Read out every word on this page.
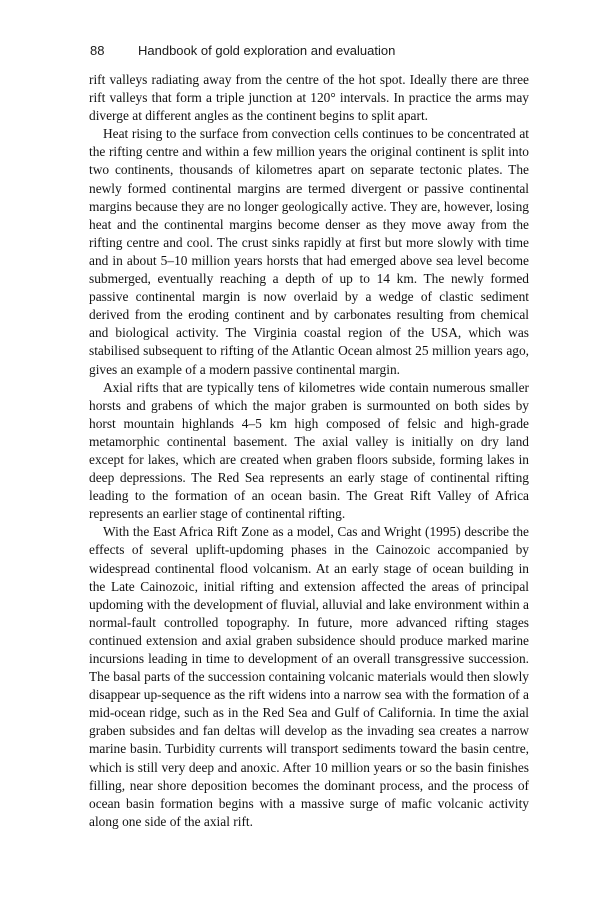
88	Handbook of gold exploration and evaluation

rift valleys radiating away from the centre of the hot spot. Ideally there are three rift valleys that form a triple junction at 120° intervals. In practice the arms may diverge at different angles as the continent begins to split apart.

Heat rising to the surface from convection cells continues to be concentrated at the rifting centre and within a few million years the original continent is split into two continents, thousands of kilometres apart on separate tectonic plates. The newly formed continental margins are termed divergent or passive continental margins because they are no longer geologically active. They are, however, losing heat and the continental margins become denser as they move away from the rifting centre and cool. The crust sinks rapidly at first but more slowly with time and in about 5–10 million years horsts that had emerged above sea level become submerged, eventually reaching a depth of up to 14 km. The newly formed passive continental margin is now overlaid by a wedge of clastic sediment derived from the eroding continent and by carbonates resulting from chemical and biological activity. The Virginia coastal region of the USA, which was stabilised subsequent to rifting of the Atlantic Ocean almost 25 million years ago, gives an example of a modern passive continental margin.

Axial rifts that are typically tens of kilometres wide contain numerous smaller horsts and grabens of which the major graben is surmounted on both sides by horst mountain highlands 4–5 km high composed of felsic and high-grade metamorphic continental basement. The axial valley is initially on dry land except for lakes, which are created when graben floors subside, forming lakes in deep depressions. The Red Sea represents an early stage of continental rifting leading to the formation of an ocean basin. The Great Rift Valley of Africa represents an earlier stage of continental rifting.

With the East Africa Rift Zone as a model, Cas and Wright (1995) describe the effects of several uplift-updoming phases in the Cainozoic accompanied by widespread continental flood volcanism. At an early stage of ocean building in the Late Cainozoic, initial rifting and extension affected the areas of principal updoming with the development of fluvial, alluvial and lake environment within a normal-fault controlled topography. In future, more advanced rifting stages continued extension and axial graben subsidence should produce marked marine incursions leading in time to development of an overall transgressive succession. The basal parts of the succession containing volcanic materials would then slowly disappear up-sequence as the rift widens into a narrow sea with the formation of a mid-ocean ridge, such as in the Red Sea and Gulf of California. In time the axial graben subsides and fan deltas will develop as the invading sea creates a narrow marine basin. Turbidity currents will transport sediments toward the basin centre, which is still very deep and anoxic. After 10 million years or so the basin finishes filling, near shore deposition becomes the dominant process, and the process of ocean basin formation begins with a massive surge of mafic volcanic activity along one side of the axial rift.
